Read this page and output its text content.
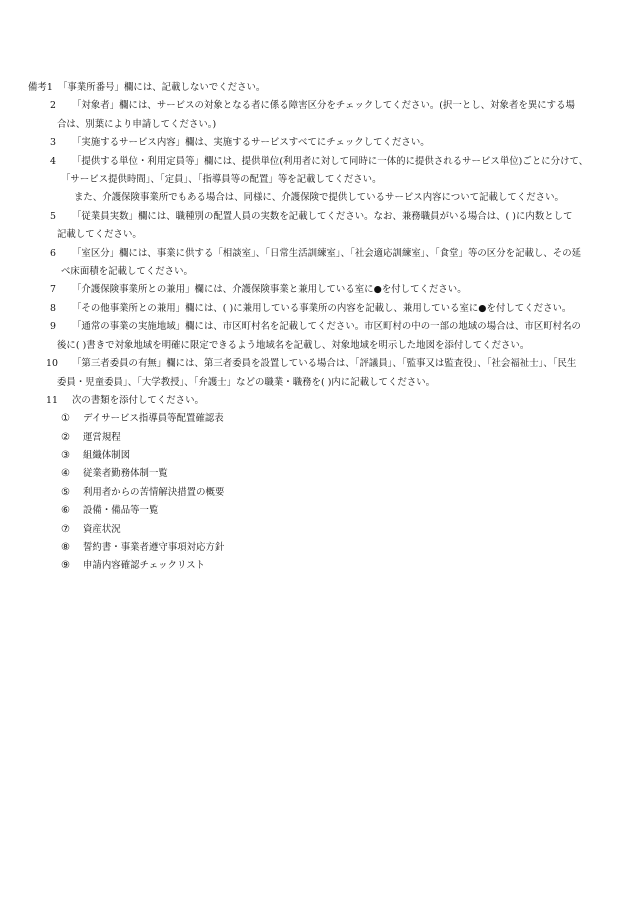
備考1 「事業所番号」欄には、記載しないでください。
2	「対象者」欄には、サービスの対象となる者に係る障害区分をチェックしてください。(択一とし、対象者を異にする場
合は、別葉により申請してください。)
3	「実施するサービス内容」欄は、実施するサービスすべてにチェックしてください。
4	「提供する単位・利用定員等」欄には、提供単位(利用者に対して同時に一体的に提供されるサービス単位)ごとに分けて、
「サービス提供時間」、「定員」、「指導員等の配置」等を記載してください。
また、介護保険事業所でもある場合は、同様に、介護保険で提供しているサービス内容について記載してください。
5	「従業員実数」欄には、職種別の配置人員の実数を記載してください。なお、兼務職員がいる場合は、( )に内数として
記載してください。
6	「室区分」欄には、事業に供する「相談室」、「日常生活訓練室」、「社会適応訓練室」、「食堂」等の区分を記載し、その延
べ床面積を記載してください。
7	「介護保険事業所との兼用」欄には、介護保険事業と兼用している室に●を付してください。
8	「その他事業所との兼用」欄には、( )に兼用している事業所の内容を記載し、兼用している室に●を付してください。
9	「通常の事業の実施地域」欄には、市区町村名を記載してください。市区町村の中の一部の地域の場合は、市区町村名の
後に( )書きで対象地域を明確に限定できるよう地域名を記載し、対象地域を明示した地図を添付してください。
10	「第三者委員の有無」欄には、第三者委員を設置している場合は、「評議員」、「監事又は監査役」、「社会福祉士」、「民生
委員・児童委員」、「大学教授」、「弁護士」などの職業・職務を( )内に記載してください。
11	次の書類を添付してください。
①	デイサービス指導員等配置確認表
②	運営規程
③	組織体制図
④	従業者勤務体制一覧
⑤	利用者からの苦情解決措置の概要
⑥	設備・備品等一覧
⑦	資産状況
⑧	誓約書・事業者遵守事項対応方針
⑨	申請内容確認チェックリスト
